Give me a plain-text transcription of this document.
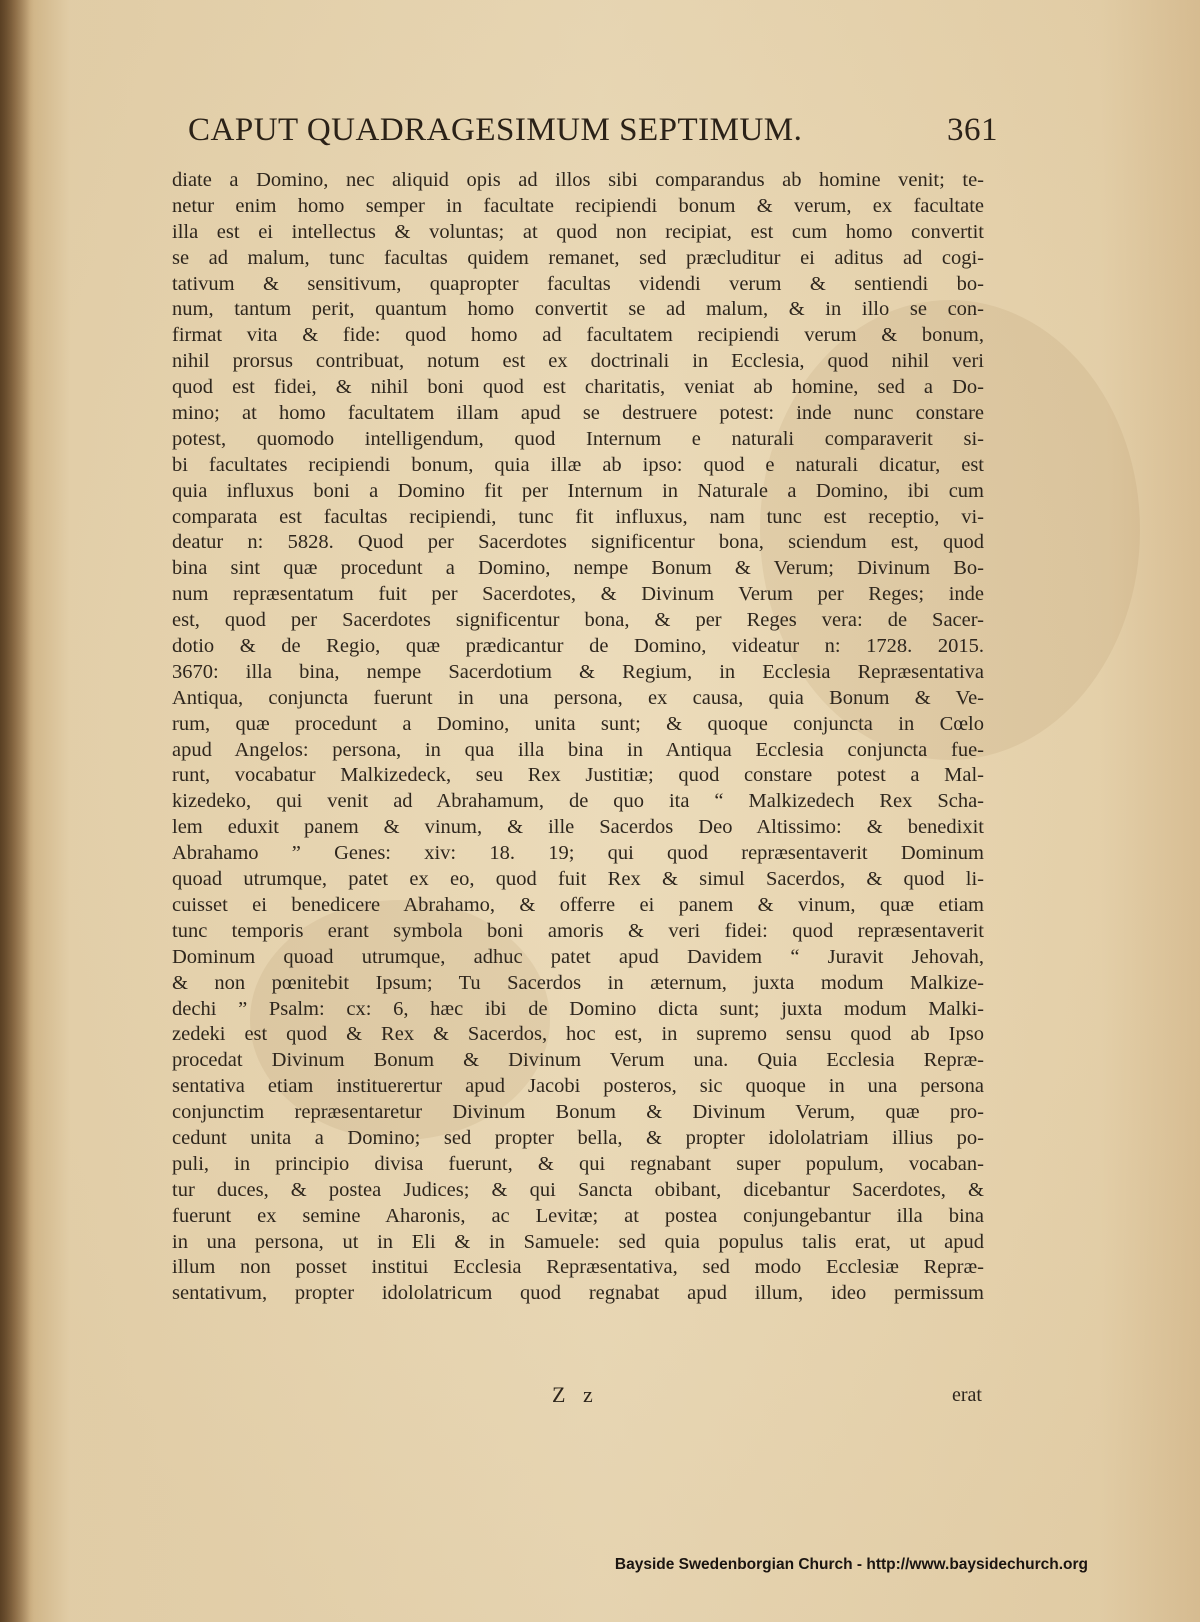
CAPUT QUADRAGESIMUM SEPTIMUM.	361
diate a Domino, nec aliquid opis ad illos sibi comparandus ab homine venit; te-
netur enim homo semper in facultate recipiendi bonum & verum, ex facultate
illa est ei intellectus & voluntas; at quod non recipiat, est cum homo convertit
se ad malum, tunc facultas quidem remanet, sed præcluditur ei aditus ad cogi-
tativum & sensitivum, quapropter facultas videndi verum & sentiendi bo-
num, tantum perit, quantum homo convertit se ad malum, & in illo se con-
firmat vita & fide: quod homo ad facultatem recipiendi verum & bonum,
nihil prorsus contribuat, notum est ex doctrinali in Ecclesia, quod nihil veri
quod est fidei, & nihil boni quod est charitatis, veniat ab homine, sed a Do-
mino; at homo facultatem illam apud se destruere potest: inde nunc constare
potest, quomodo intelligendum, quod Internum e naturali comparaverit si-
bi facultates recipiendi bonum, quia illæ ab ipso: quod e naturali dicatur, est
quia influxus boni a Domino fit per Internum in Naturale a Domino, ibi cum
comparata est facultas recipiendi, tunc fit influxus, nam tunc est receptio, vi-
deatur n: 5828. Quod per Sacerdotes significentur bona, sciendum est, quod
bina sint quæ procedunt a Domino, nempe Bonum & Verum; Divinum Bo-
num repræsentatum fuit per Sacerdotes, & Divinum Verum per Reges; inde
est, quod per Sacerdotes significentur bona, & per Reges vera: de Sacer-
dotio & de Regio, quæ prædicantur de Domino, videatur n: 1728. 2015.
3670: illa bina, nempe Sacerdotium & Regium, in Ecclesia Repræsentativa
Antiqua, conjuncta fuerunt in una persona, ex causa, quia Bonum & Ve-
rum, quæ procedunt a Domino, unita sunt; & quoque conjuncta in Cœlo
apud Angelos: persona, in qua illa bina in Antiqua Ecclesia conjuncta fue-
runt, vocabatur Malkizedeck, seu Rex Justitiæ; quod constare potest a Mal-
kizedeko, qui venit ad Abrahamum, de quo ita “ Malkizedech Rex Scha-
lem eduxit panem & vinum, & ille Sacerdos Deo Altissimo: & benedixit
Abrahamo ” Genes: xiv: 18. 19; qui quod repræsentaverit Dominum
quoad utrumque, patet ex eo, quod fuit Rex & simul Sacerdos, & quod li-
cuisset ei benedicere Abrahamo, & offerre ei panem & vinum, quæ etiam
tunc temporis erant symbola boni amoris & veri fidei: quod repræsentaverit
Dominum quoad utrumque, adhuc patet apud Davidem “ Juravit Jehovah,
& non pœnitebit Ipsum; Tu Sacerdos in æternum, juxta modum Malkize-
dechi ” Psalm: cx: 6, hæc ibi de Domino dicta sunt; juxta modum Malki-
zedeki est quod & Rex & Sacerdos, hoc est, in supremo sensu quod ab Ipso
procedat Divinum Bonum & Divinum Verum una. Quia Ecclesia Repræ-
sentativa etiam instituerertur apud Jacobi posteros, sic quoque in una persona
conjunctim repræsentaretur Divinum Bonum & Divinum Verum, quæ pro-
cedunt unita a Domino; sed propter bella, & propter idololatriam illius po-
puli, in principio divisa fuerunt, & qui regnabant super populum, vocaban-
tur duces, & postea Judices; & qui Sancta obibant, dicebantur Sacerdotes, &
fuerunt ex semine Aharonis, ac Levitæ; at postea conjungebantur illa bina
in una persona, ut in Eli & in Samuele: sed quia populus talis erat, ut apud
illum non posset institui Ecclesia Repræsentativa, sed modo Ecclesiæ Repræ-
sentativum, propter idololatricum quod regnabat apud illum, ideo permissum
Z z	erat
Bayside Swedenborgian Church - http://www.baysidechurch.org
